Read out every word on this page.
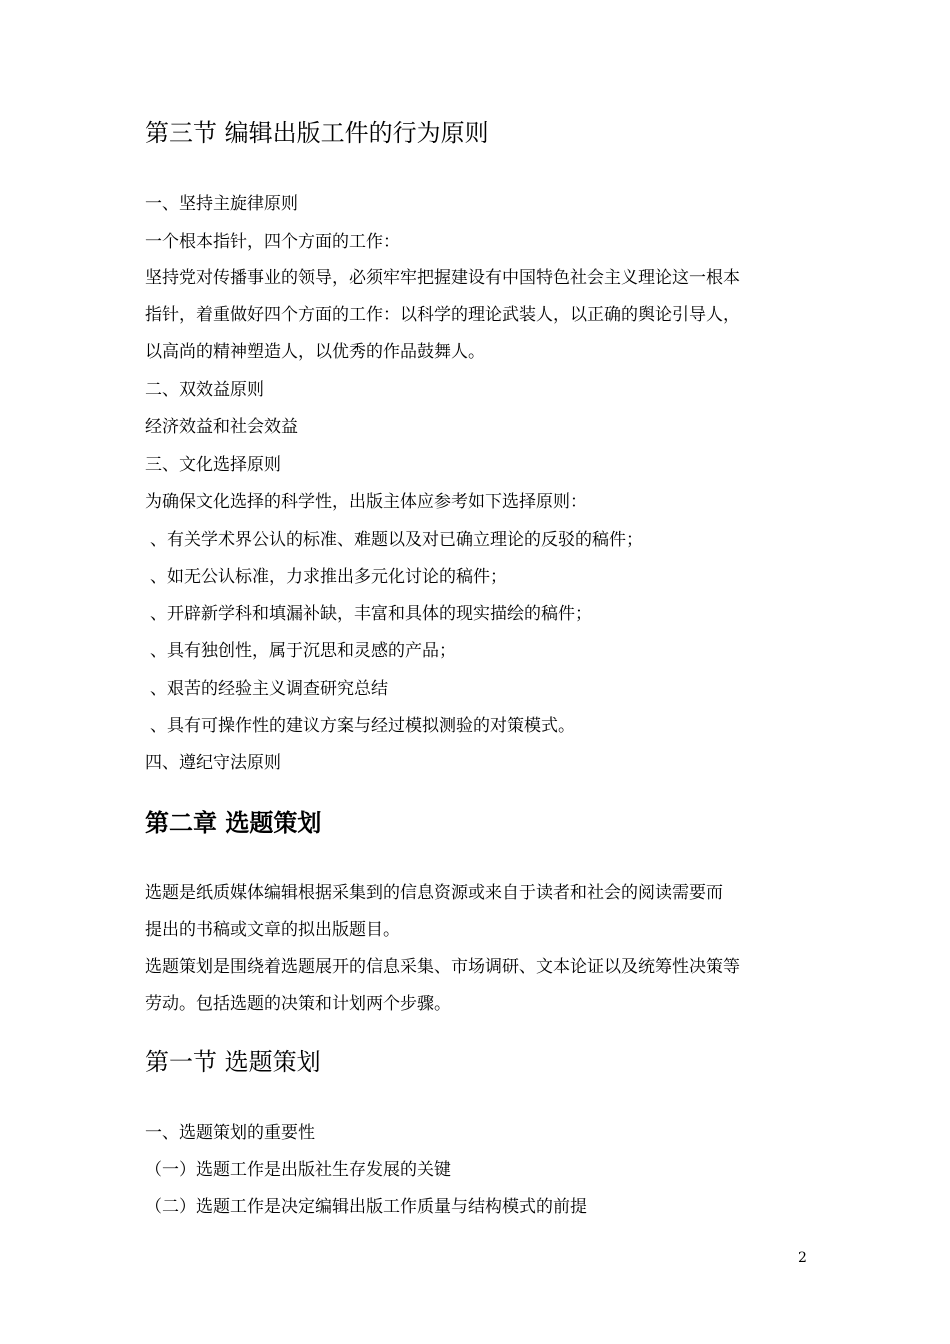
第三节 编辑出版工件的行为原则
一、坚持主旋律原则
一个根本指针，四个方面的工作：
坚持党对传播事业的领导，必须牢牢把握建设有中国特色社会主义理论这一根本
指针，着重做好四个方面的工作：以科学的理论武装人，以正确的舆论引导人，
以高尚的精神塑造人，以优秀的作品鼓舞人。
二、双效益原则
经济效益和社会效益
三、文化选择原则
为确保文化选择的科学性，出版主体应参考如下选择原则：
、有关学术界公认的标准、难题以及对已确立理论的反驳的稿件；
、如无公认标准，力求推出多元化讨论的稿件；
、开辟新学科和填漏补缺，丰富和具体的现实描绘的稿件；
、具有独创性，属于沉思和灵感的产品；
、艰苦的经验主义调查研究总结
、具有可操作性的建议方案与经过模拟测验的对策模式。
四、遵纪守法原则
第二章 选题策划
选题是纸质媒体编辑根据采集到的信息资源或来自于读者和社会的阅读需要而
提出的书稿或文章的拟出版题目。
选题策划是围绕着选题展开的信息采集、市场调研、文本论证以及统筹性决策等
劳动。包括选题的决策和计划两个步骤。
第一节 选题策划
一、选题策划的重要性
（一）选题工作是出版社生存发展的关键
（二）选题工作是决定编辑出版工作质量与结构模式的前提
2
